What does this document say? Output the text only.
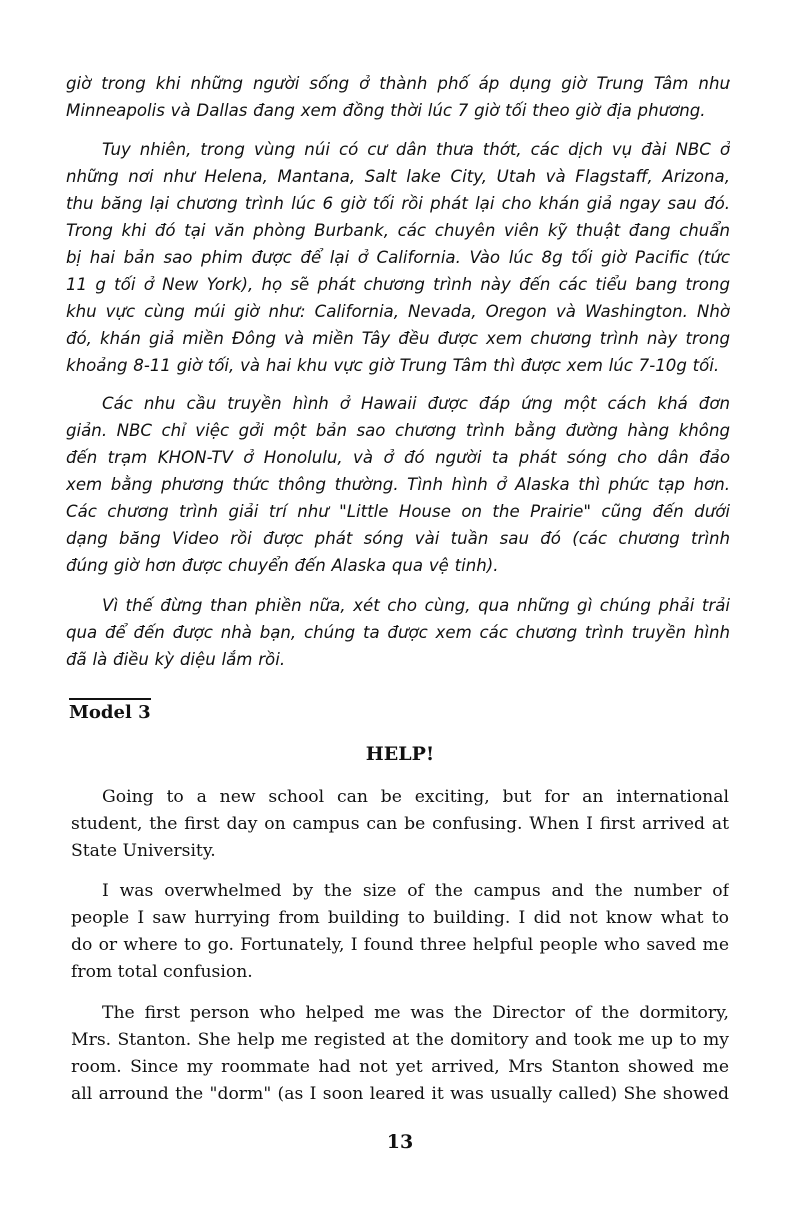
giờ trong khi những người sống ở thành phố áp dụng giờ Trung Tâm như
Minneapolis và Dallas đang xem đồng thời lúc 7 giờ tối theo giờ địa phương.
Tuy nhiên, trong vùng núi có cư dân thưa thớt, các dịch vụ đài NBC ở
những nơi như Helena, Mantana, Salt lake City, Utah và Flagstaff, Arizona,
thu băng lại chương trình lúc 6 giờ tối rồi phát lại cho khán giả ngay sau đó.
Trong khi đó tại văn phòng Burbank, các chuyên viên kỹ thuật đang chuẩn
bị hai bản sao phim được để lại ở California. Vào lúc 8g tối giờ Pacific (tức
11 g tối ở New York), họ sẽ phát chương trình này đến các tiểu bang trong
khu vực cùng múi giờ như: California, Nevada, Oregon và Washington. Nhờ
đó, khán giả miền Đông và miền Tây đều được xem chương trình này trong
khoảng 8-11 giờ tối, và hai khu vực giờ Trung Tâm thì được xem lúc 7-10g tối.
Các nhu cầu truyền hình ở Hawaii được đáp ứng một cách khá đơn
giản. NBC chỉ việc gởi một bản sao chương trình bằng đường hàng không
đến trạm KHON-TV ở Honolulu, và ở đó người ta phát sóng cho dân đảo
xem bằng phương thức thông thường. Tình hình ở Alaska thì phức tạp hơn.
Các chương trình giải trí như "Little House on the Prairie" cũng đến dưới
dạng băng Video rồi được phát sóng vài tuần sau đó (các chương trình
đúng giờ hơn được chuyển đến Alaska qua vệ tinh).
Vì thế đừng than phiền nữa, xét cho cùng, qua những gì chúng phải trải
qua để đến được nhà bạn, chúng ta được xem các chương trình truyền hình
đã là điều kỳ diệu lắm rồi.
Model 3
HELP!
Going to a new school can be exciting, but for an international
student, the first day on campus can be confusing. When I first arrived at
State University.
I was overwhelmed by the size of the campus and the number of
people I saw hurrying from building to building. I did not know what to
do or where to go. Fortunately, I found three helpful people who saved me
from total confusion.
The first person who helped me was the Director of the dormitory,
Mrs. Stanton. She help me registed at the domitory and took me up to my
room. Since my roommate had not yet arrived, Mrs Stanton showed me
all arround the "dorm" (as I soon leared it was usually called) She showed
13
